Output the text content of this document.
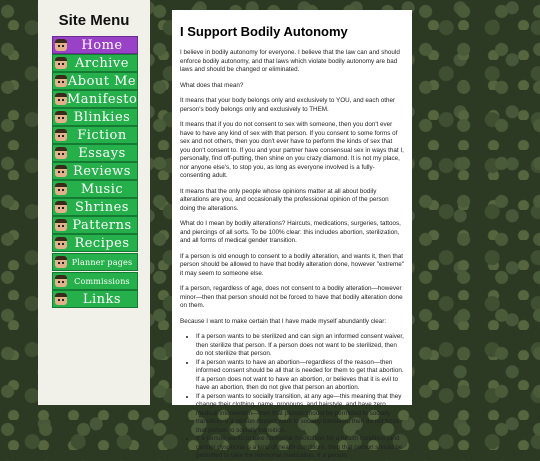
Site Menu
Home
Archive
About Me
Manifesto
Blinkies
Fiction
Essays
Reviews
Music
Shrines
Patterns
Recipes
Planner pages
Commissions
Links
I Support Bodily Autonomy

I believe in bodily autonomy for everyone. I believe that the law can and should enforce bodily autonomy, and that laws which violate bodily autonomy are bad laws and should be changed or eliminated.

What does that mean?

It means that your body belongs only and exclusively to YOU, and each other person's body belongs only and exclusively to THEM.

It means that if you do not consent to sex with someone, then you don't ever have to have any kind of sex with that person. If you consent to some forms of sex and not others, then you don't ever have to perform the kinds of sex that you don't consent to. If you and your partner have consensual sex in ways that I, personally, find off-putting, then shine on you crazy diamond. It is not my place, nor anyone else's, to stop you, as long as everyone involved is a fully-consenting adult.

It means that the only people whose opinions matter at all about bodily alterations are you, and occasionally the professional opinion of the person doing the alterations.

What do I mean by bodily alterations? Haircuts, medications, surgeries, tattoos, and piercings of all sorts. To be 100% clear: this includes abortion, sterilization, and all forms of medical gender transition.

If a person is old enough to consent to a bodily alteration, and wants it, then that person should be allowed to have that bodily alteration done, however "extreme" it may seem to someone else.

If a person, regardless of age, does not consent to a bodily alteration—however minor—then that person should not be forced to have that bodily alteration done on them.

Because I want to make certain that I have made myself abundantly clear:

• If a person wants to be sterilized and can sign an informed consent waiver, then sterilize that person. If a person does not want to be sterilized, then do not sterilize that person.
• If a person wants to have an abortion—regardless of the reason—then informed consent should be all that is needed for them to get that abortion. If a person does not want to have an abortion, or believes that it is evil to have an abortion, then do not give that person an abortion.
• If a person wants to socially transition, at any age—this meaning that they change their clothing, name, pronouns, and hairstyle, and have zero medical intervention—then that person should be permitted to socially transition. If a person doesn't want to socially transition, then do not force that person to socially transition.
• If a person wants to take hormonal medication for a health condition (and gender dysphoria is a kind of health condition), then that person should be permitted to take the hormonal medication. If a person
